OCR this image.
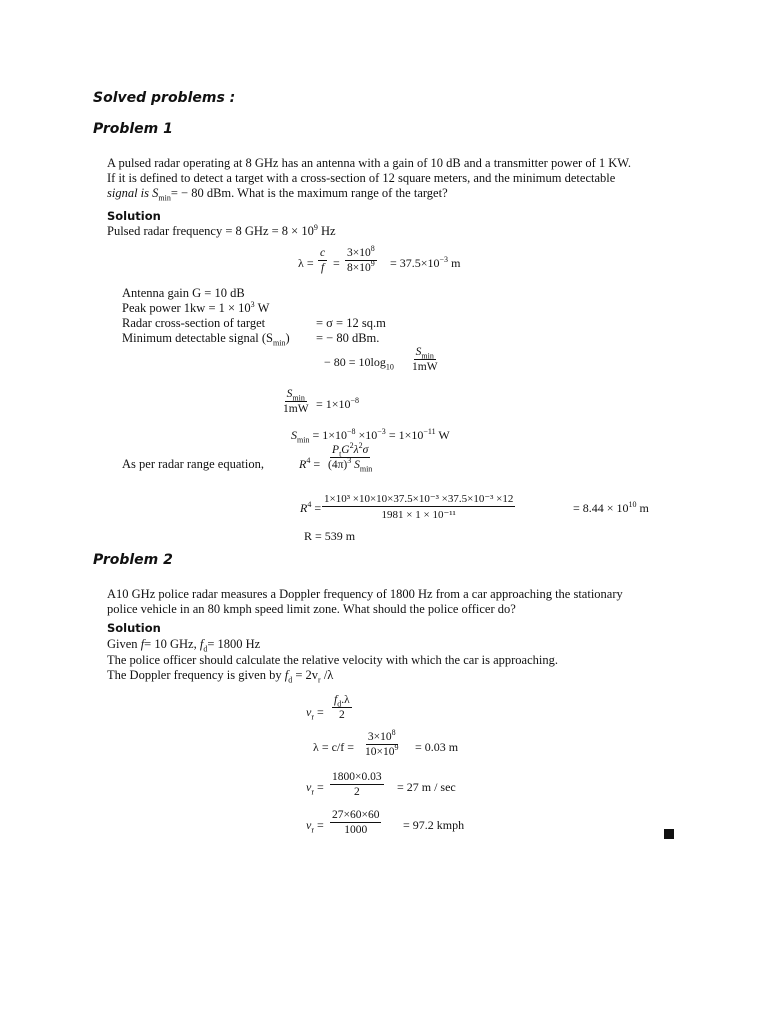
Solved problems :
Problem 1
A pulsed radar operating at 8 GHz has an antenna with a gain of 10 dB and a transmitter power of 1 KW.
If it is defined to detect a target with a cross-section of 12 square meters, and the minimum detectable
signal is $S_{min}= - 80$ dBm. What is the maximum range of the target?
Solution
Pulsed radar frequency = 8 GHz = $8 \times 10^9$ Hz
$\lambda = \frac{c}{f} = \frac{3\times 10^8}{8\times 10^9} = 37.5\times 10^{-3}$ m
Antenna gain G = 10 dB
Peak power $1kw = 1 \times 10^3$ W
Radar cross-section of target	= σ = 12 sq.m
Minimum detectable signal $(S_{min})$ = − 80 dBm.
− $80 = 10\log_{10}$
$S_{min}$
1mW
$S_{min}$
$1mW = 1\times 10^{-8}$
$S_{min} = 1\times 10^{-8} \times 10^{-3} = 1\times 10^{-11}$ W
As per radar range equation,	$R^4$ =
$P_tG^2\lambda^2\sigma$
$(4\pi)^3$ $S_{min}$
$R^4 = \frac{\text{1×10³ ×10×10×37.5×10⁻³ ×37.5×10⁻³ ×12}}{\text{1981 × 1 × 10⁻¹¹}}$	= $8.44 \times 10^{10}$ m
R = 539 m
Problem 2
A10 GHz police radar measures a Doppler frequency of 1800 Hz from a car approaching the stationary
police vehicle in an 80 kmph speed limit zone. What should the police officer do?
Solution
Given f= 10 GHz, $f_d= 1800$ Hz
The police officer should calculate the relative velocity with which the car is approaching.
The Doppler frequency is given by $f_d = 2v_r$ /λ
$v_r = \frac{f_d.\lambda}{2}$
$\lambda = c/f = \frac{3\times 10^8}{10\times 10^9} = 0.03$ m
$v_r = \frac{1800\times 0.03}{2} = 27$ m / sec
$v_r = \frac{27\times 60\times 60}{1000} = 97.2$ kmph
